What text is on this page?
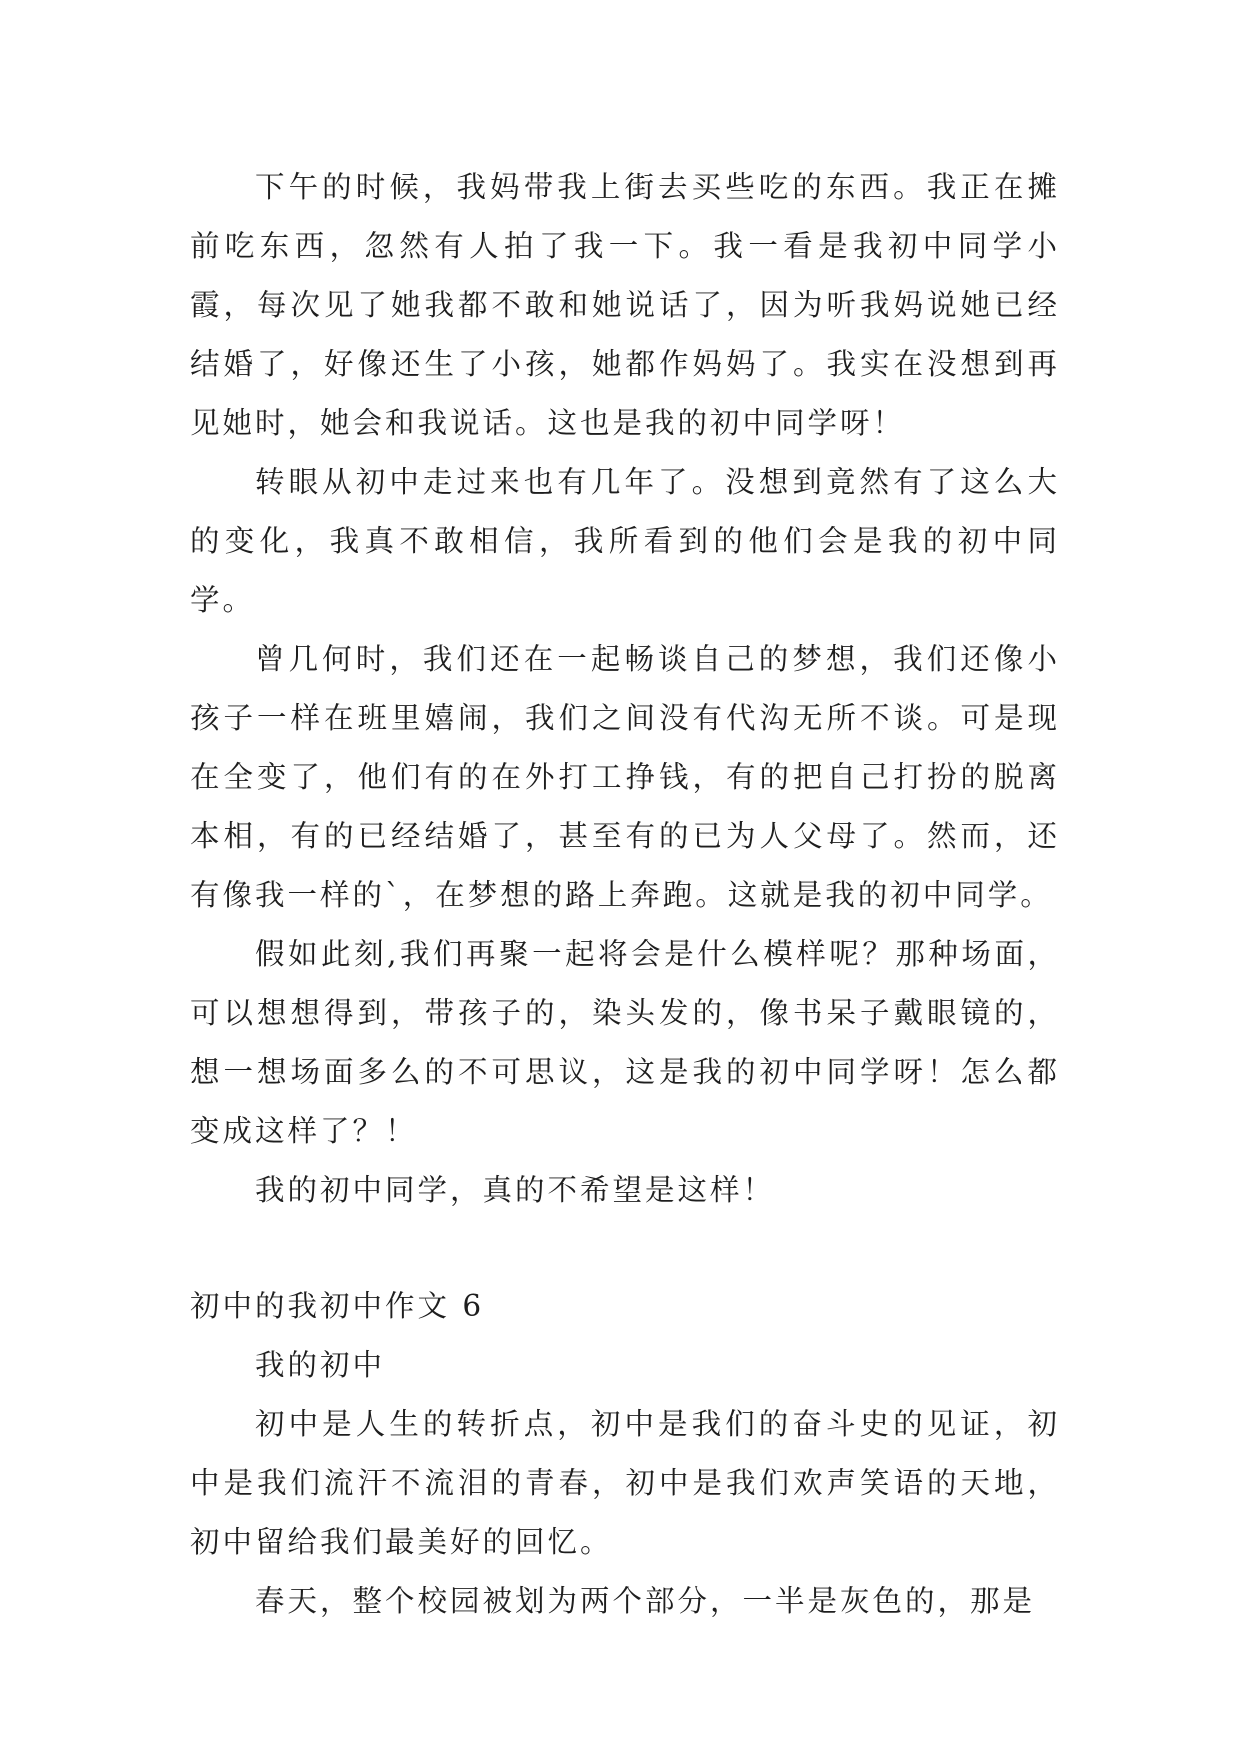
下午的时候，我妈带我上街去买些吃的东西。我正在摊前吃东西，忽然有人拍了我一下。我一看是我初中同学小霞，每次见了她我都不敢和她说话了，因为听我妈说她已经结婚了，好像还生了小孩，她都作妈妈了。我实在没想到再见她时，她会和我说话。这也是我的初中同学呀！

转眼从初中走过来也有几年了。没想到竟然有了这么大的变化，我真不敢相信，我所看到的他们会是我的初中同学。

曾几何时，我们还在一起畅谈自己的梦想，我们还像小孩子一样在班里嬉闹，我们之间没有代沟无所不谈。可是现在全变了，他们有的在外打工挣钱，有的把自己打扮的脱离本相，有的已经结婚了，甚至有的已为人父母了。然而，还有像我一样的`，在梦想的路上奔跑。这就是我的初中同学。

假如此刻,我们再聚一起将会是什么模样呢？那种场面，可以想想得到，带孩子的，染头发的，像书呆子戴眼镜的，想一想场面多么的不可思议，这是我的初中同学呀！怎么都变成这样了？！

我的初中同学，真的不希望是这样！

初中的我初中作文 6

我的初中

初中是人生的转折点，初中是我们的奋斗史的见证，初中是我们流汗不流泪的青春，初中是我们欢声笑语的天地，初中留给我们最美好的回忆。

春天，整个校园被划为两个部分，一半是灰色的，那是
